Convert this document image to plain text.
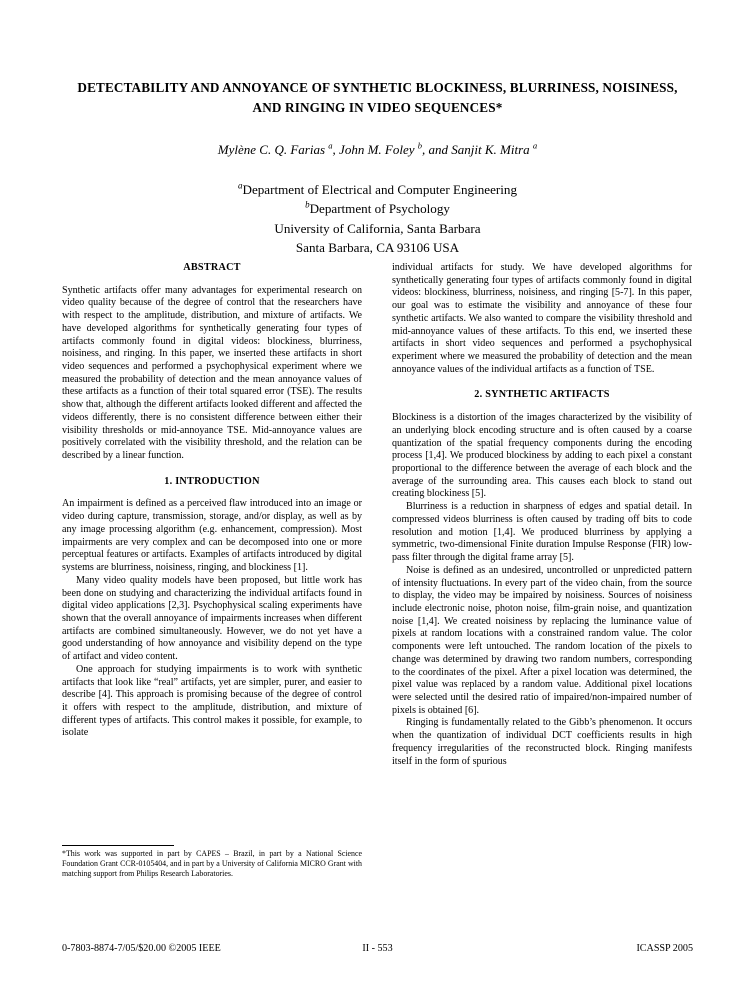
DETECTABILITY AND ANNOYANCE OF SYNTHETIC BLOCKINESS, BLURRINESS, NOISINESS, AND RINGING IN VIDEO SEQUENCES*
Mylène C. Q. Farias $^a$, John M. Foley $^b$, and Sanjit K. Mitra $^a$
$^a$Department of Electrical and Computer Engineering
$^b$Department of Psychology
University of California, Santa Barbara
Santa Barbara, CA 93106 USA
ABSTRACT

Synthetic artifacts offer many advantages for experimental research on video quality because of the degree of control that the researchers have with respect to the amplitude, distribution, and mixture of artifacts. We have developed algorithms for synthetically generating four types of artifacts commonly found in digital videos: blockiness, blurriness, noisiness, and ringing. In this paper, we inserted these artifacts in short video sequences and performed a psychophysical experiment where we measured the probability of detection and the mean annoyance values of these artifacts as a function of their total squared error (TSE). The results show that, although the different artifacts looked different and affected the videos differently, there is no consistent difference between either their visibility thresholds or mid-annoyance TSE. Mid-annoyance values are positively correlated with the visibility threshold, and the relation can be described by a linear function.

1. INTRODUCTION

An impairment is defined as a perceived flaw introduced into an image or video during capture, transmission, storage, and/or display, as well as by any image processing algorithm (e.g. enhancement, compression). Most impairments are very complex and can be decomposed into one or more perceptual features or artifacts. Examples of artifacts introduced by digital systems are blurriness, noisiness, ringing, and blockiness [1].

Many video quality models have been proposed, but little work has been done on studying and characterizing the individual artifacts found in digital video applications [2,3]. Psychophysical scaling experiments have shown that the overall annoyance of impairments increases when different artifacts are combined simultaneously. However, we do not yet have a good understanding of how annoyance and visibility depend on the type of artifact and video content.

One approach for studying impairments is to work with synthetic artifacts that look like “real” artifacts, yet are simpler, purer, and easier to describe [4]. This approach is promising because of the degree of control it offers with respect to the amplitude, distribution, and mixture of different types of artifacts. This control makes it possible, for example, to isolate

individual artifacts for study. We have developed algorithms for synthetically generating four types of artifacts commonly found in digital videos: blockiness, blurriness, noisiness, and ringing [5-7]. In this paper, our goal was to estimate the visibility and annoyance of these four synthetic artifacts. We also wanted to compare the visibility threshold and mid-annoyance values of these artifacts. To this end, we inserted these artifacts in short video sequences and performed a psychophysical experiment where we measured the probability of detection and the mean annoyance values of the individual artifacts as a function of TSE.

2. SYNTHETIC ARTIFACTS

Blockiness is a distortion of the images characterized by the visibility of an underlying block encoding structure and is often caused by a coarse quantization of the spatial frequency components during the encoding process [1,4]. We produced blockiness by adding to each pixel a constant proportional to the difference between the average of each block and the average of the surrounding area. This causes each block to stand out creating blockiness [5].

Blurriness is a reduction in sharpness of edges and spatial detail. In compressed videos blurriness is often caused by trading off bits to code resolution and motion [1,4]. We produced blurriness by applying a symmetric, two-dimensional Finite duration Impulse Response (FIR) low-pass filter through the digital frame array [5].

Noise is defined as an undesired, uncontrolled or unpredicted pattern of intensity fluctuations. In every part of the video chain, from the source to display, the video may be impaired by noisiness. Sources of noisiness include electronic noise, photon noise, film-grain noise, and quantization noise [1,4]. We created noisiness by replacing the luminance value of pixels at random locations with a constrained random value. The color components were left untouched. The random location of the pixels to change was determined by drawing two random numbers, corresponding to the coordinates of the pixel. After a pixel location was determined, the pixel value was replaced by a random value. Additional pixel locations were selected until the desired ratio of impaired/non-impaired number of pixels is obtained [6].

Ringing is fundamentally related to the Gibb’s phenomenon. It occurs when the quantization of individual DCT coefficients results in high frequency irregularities of the reconstructed block. Ringing manifests itself in the form of spurious

*This work was supported in part by CAPES – Brazil, in part by a National Science Foundation Grant CCR-0105404, and in part by a University of California MICRO Grant with matching support from Philips Research Laboratories.

0-7803-8874-7/05/$20.00 ©2005 IEEE	II - 553	ICASSP 2005
